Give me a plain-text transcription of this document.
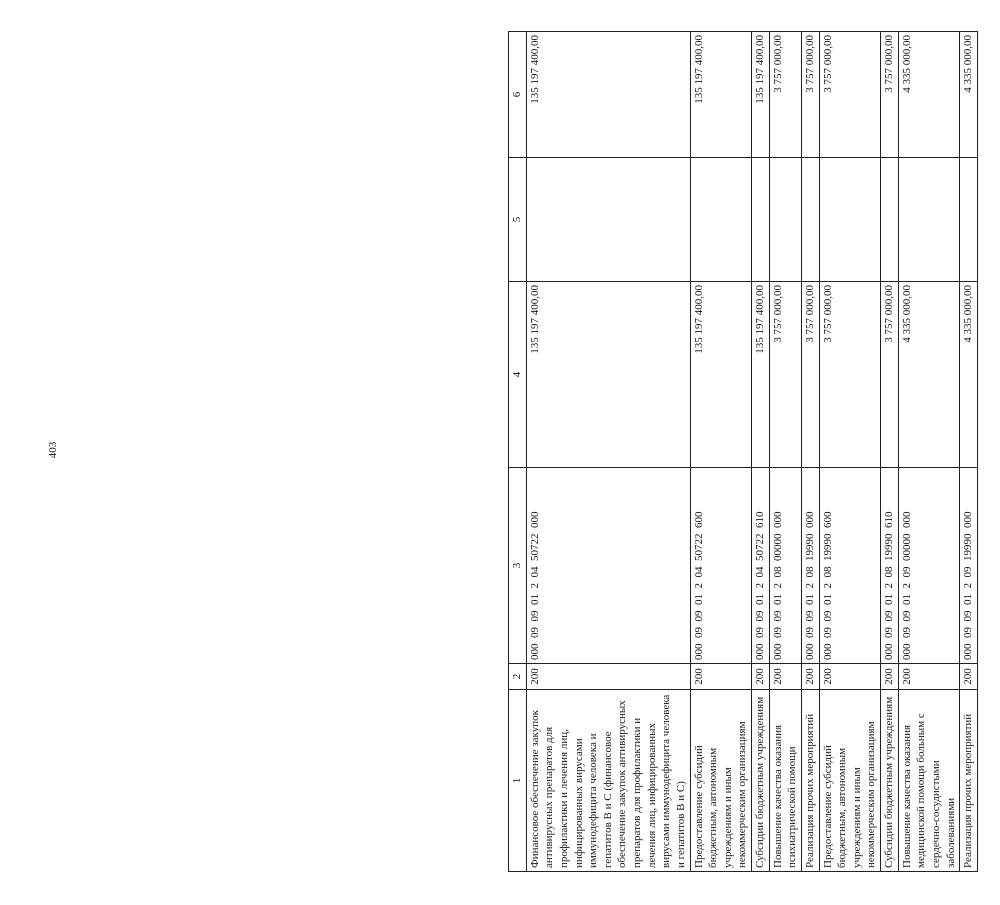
403
1	2	3	4	5	6
Финансовое обеспечение закупок антивирусных препаратов для профилактики и лечения лиц, инфицированных вирусами иммунодефицита человека и гепатитов В и С (финансовое обеспечение закупок антивирусных препаратов для профилактики и лечения лиц, инфицированных вирусами иммунодефицита человека и гепатитов В и С)	200	000  09  09  01  2  04  50722  000	135 197 400,00		135 197 400,00
Предоставление субсидий бюджетным, автономным учреждениям и иным некоммерческим организациям	200	000  09  09  01  2  04  50722  600	135 197 400,00		135 197 400,00
Субсидии бюджетным учреждениям	200	000  09  09  01  2  04  50722  610	135 197 400,00		135 197 400,00
Повышение качества оказания психиатрической помощи	200	000  09  09  01  2  08  00000  000	3 757 000,00		3 757 000,00
Реализация прочих мероприятий	200	000  09  09  01  2  08  19990  000	3 757 000,00		3 757 000,00
Предоставление субсидий бюджетным, автономным учреждениям и иным некоммерческим организациям	200	000  09  09  01  2  08  19990  600	3 757 000,00		3 757 000,00
Субсидии бюджетным учреждениям	200	000  09  09  01  2  08  19990  610	3 757 000,00		3 757 000,00
Повышение качества оказания медицинской помощи больным с сердечно-сосудистыми заболеваниями	200	000  09  09  01  2  09  00000  000	4 335 000,00		4 335 000,00
Реализация прочих мероприятий	200	000  09  09  01  2  09  19990  000	4 335 000,00		4 335 000,00
